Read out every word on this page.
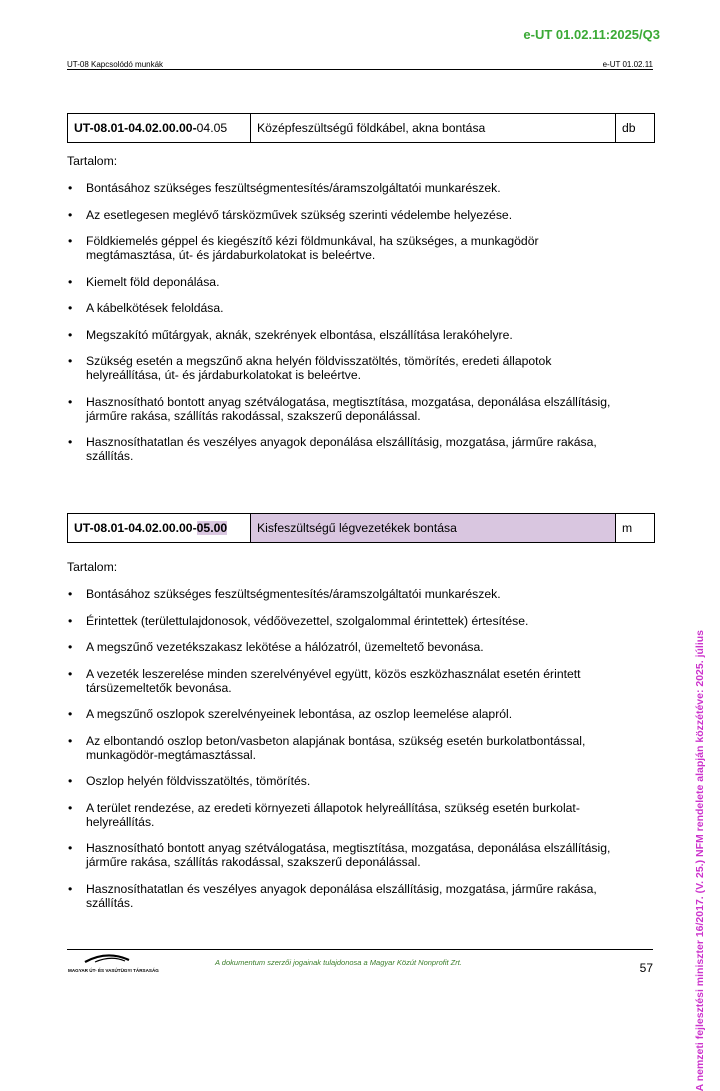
e-UT 01.02.11:2025/Q3
UT-08 Kapcsolódó munkák	e-UT 01.02.11
A nemzeti fejlesztési miniszter 16/2017. (V. 25.) NFM rendelete alapján közzétéve: 2025. július
UT-08.01-04.02.00.00-04.05	Középfeszültségű földkábel, akna bontása	db
Tartalom:
• Bontásához szükséges feszültségmentesítés/áramszolgáltatói munkarészek.
• Az esetlegesen meglévő társközművek szükség szerinti védelembe helyezése.
• Földkiemelés géppel és kiegészítő kézi földmunkával, ha szükséges, a munkagödör megtámasztása, út- és járdaburkolatokat is beleértve.
• Kiemelt föld deponálása.
• A kábelkötések feloldása.
• Megszakító műtárgyak, aknák, szekrények elbontása, elszállítása lerakóhelyre.
• Szükség esetén a megszűnő akna helyén földvisszatöltés, tömörítés, eredeti állapotok helyreállítása, út- és járdaburkolatokat is beleértve.
• Hasznosítható bontott anyag szétválogatása, megtisztítása, mozgatása, deponálása elszállításig, járműre rakása, szállítás rakodással, szakszerű deponálással.
• Hasznosíthatatlan és veszélyes anyagok deponálása elszállításig, mozgatása, járműre rakása, szállítás.
UT-08.01-04.02.00.00-05.00	Kisfeszültségű légvezetékek bontása	m
Tartalom:
• Bontásához szükséges feszültségmentesítés/áramszolgáltatói munkarészek.
• Érintettek (területtulajdonosok, védőövezettel, szolgalommal érintettek) értesítése.
• A megszűnő vezetékszakasz lekötése a hálózatról, üzemeltető bevonása.
• A vezeték leszerelése minden szerelvényével együtt, közös eszközhasználat esetén érintett társüzemeltetők bevonása.
• A megszűnő oszlopok szerelvényeinek lebontása, az oszlop leemelése alapról.
• Az elbontandó oszlop beton/vasbeton alapjának bontása, szükség esetén burkolatbontással, munkagödör-megtámasztással.
• Oszlop helyén földvisszatöltés, tömörítés.
• A terület rendezése, az eredeti környezeti állapotok helyreállítása, szükség esetén burkolat-helyreállítás.
• Hasznosítható bontott anyag szétválogatása, megtisztítása, mozgatása, deponálása elszállításig, járműre rakása, szállítás rakodással, szakszerű deponálással.
• Hasznosíthatatlan és veszélyes anyagok deponálása elszállításig, mozgatása, járműre rakása, szállítás.
MAGYAR ÚT- ÉS VASÚTÜGYI TÁRSASÁG
A dokumentum szerzői jogainak tulajdonosa a Magyar Közút Nonprofit Zrt.	57
